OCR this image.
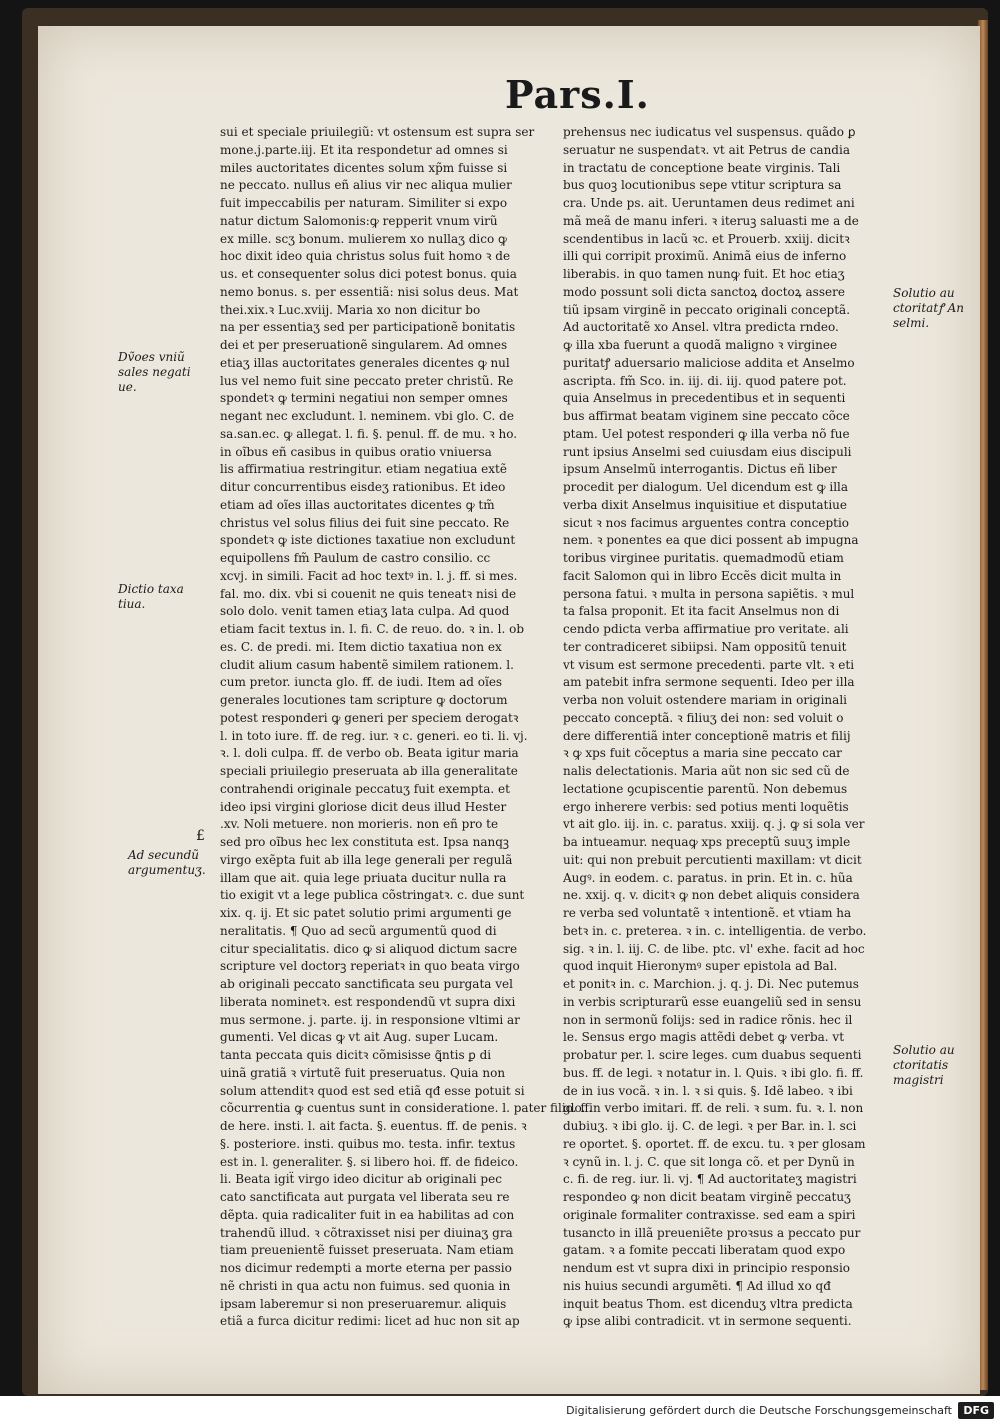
Pars.I.
sui et speciale priuilegiũ: vt ostensum est supra ser
mone.j.parte.iij. Et ita respondetur ad omnes si
miles auctoritates dicentes solum xp̃m fuisse si
ne peccato. nullus eñ alius vir nec aliqua mulier
fuit impeccabilis per naturam. Similiter si expo
natur dictum Salomonis:ꝙ repperit vnum virũ
ex mille. scʒ bonum. mulierem xo nullaʒ dico ꝙ
hoc dixit ideo quia christus solus fuit homo ꝛ de
us. et consequenter solus dici potest bonus. quia
nemo bonus. s. per essentiã: nisi solus deus. Mat
thei.xix.ꝛ Luc.xviij. Maria xo non dicitur bo
na per essentiaʒ sed per participationẽ bonitatis
dei et per preseruationẽ singularem. Ad omnes
etiaʒ illas auctoritates generales dicentes ꝙ nul
lus vel nemo fuit sine peccato preter christũ. Re
spondetꝛ ꝙ termini negatiui non semper omnes
negant nec excludunt. l. neminem. vbi glo. C. de
sa.san.ec. ꝙ allegat. l. fi. §. penul. ff. de mu. ꝛ ho.
in oĩbus eñ casibus in quibus oratio vniuersa
lis affirmatiua restringitur. etiam negatiua extẽ
ditur concurrentibus eisdeʒ rationibus. Et ideo
etiam ad oĩes illas auctoritates dicentes ꝙ tm̃
christus vel solus filius dei fuit sine peccato. Re
spondetꝛ ꝙ iste dictiones taxatiue non excludunt
equipollens fm̃ Paulum de castro consilio. cc
xcvj. in simili. Facit ad hoc textꝰ in. l. j. ff. si mes.
fal. mo. dix. vbi si couenit ne quis teneatꝛ nisi de
solo dolo. venit tamen etiaʒ lata culpa. Ad quod
etiam facit textus in. l. fi. C. de reuo. do. ꝛ in. l. ob
es. C. de predi. mi. Item dictio taxatiua non ex
cludit alium casum habentẽ similem rationem. l.
cum pretor. iuncta glo. ff. de iudi. Item ad oĩes
generales locutiones tam scripture ꝙ doctorum
potest responderi ꝙ generi per speciem derogatꝛ
l. in toto iure. ff. de reg. iur. ꝛ c. generi. eo ti. li. vj.
ꝛ. l. doli culpa. ff. de verbo ob. Beata igitur maria
speciali priuilegio preseruata ab illa generalitate
contrahendi originale peccatuʒ fuit exempta. et
ideo ipsi virgini gloriose dicit deus illud Hester
.xv. Noli metuere. non morieris. non eñ pro te
sed pro oĩbus hec lex constituta est. Ipsa nanqꝫ
virgo exẽpta fuit ab illa lege generali per regulã
illam que ait. quia lege priuata ducitur nulla ra
tio exigit vt a lege publica cõstringatꝛ. c. due sunt
xix. q. ij. Et sic patet solutio primi argumenti ge
neralitatis. ¶ Quo ad secũ argumentũ quod di
citur specialitatis. dico ꝙ si aliquod dictum sacre
scripture vel doctorꝫ reperiatꝛ in quo beata virgo
ab originali peccato sanctificata seu purgata vel
liberata nominetꝛ. est respondendũ vt supra dixi
mus sermone. j. parte. ij. in responsione vltimi ar
gumenti. Vel dicas ꝙ vt ait Aug. super Lucam.
tanta peccata quis dicitꝛ cõmisisse ꝗ̃ntis ꝑ di
uinã gratiã ꝛ virtutẽ fuit preseruatus. Quia non
solum attenditꝛ quod est sed etiã qđ esse potuit si
cõcurrentia ꝙ cuentus sunt in consideratione. l. pater filio. ff.
de here. insti. l. ait facta. §. euentus. ff. de penis. ꝛ
§. posteriore. insti. quibus mo. testa. infir. textus
est in. l. generaliter. §. si libero hoi. ff. de fideico.
li. Beata igiẗ virgo ideo dicitur ab originali pec
cato sanctificata aut purgata vel liberata seu re
dẽpta. quia radicaliter fuit in ea habilitas ad con
trahendũ illud. ꝛ cõtraxisset nisi per diuinaʒ gra
tiam preuenientẽ fuisset preseruata. Nam etiam
nos dicimur redempti a morte eterna per passio
nẽ christi in qua actu non fuimus. sed quonia in
ipsam laberemur si non preseruaremur. aliquis
etiã a furca dicitur redimi: licet ad huc non sit ap
prehensus nec iudicatus vel suspensus. quãdo ꝑ
seruatur ne suspendatꝛ. vt ait Petrus de candia
in tractatu de conceptione beate virginis. Tali
bus quoꝫ locutionibus sepe vtitur scriptura sa
cra. Unde ps. ait. Ueruntamen deus redimet ani
mã meã de manu inferi. ꝛ iteruꝫ saluasti me a de
scendentibus in lacũ ꝛc. et Prouerb. xxiij. dicitꝛ
illi qui corripit proximũ. Animã eius de inferno
liberabis. in quo tamen nunꝙ fuit. Et hoc etiaʒ
modo possunt soli dicta sanctoꝝ doctoꝝ assere
tiũ ipsam virginẽ in peccato originali conceptã.
Ad auctoritatẽ xo Ansel. vltra predicta rndeo.
ꝙ illa xba fuerunt a quodã maligno ꝛ virginee
puritatꝭ aduersario maliciose addita et Anselmo
ascripta. fm̃ Sco. in. iij. di. iij. quod patere pot.
quia Anselmus in precedentibus et in sequenti
bus affirmat beatam viginem sine peccato cõce
ptam. Uel potest responderi ꝙ illa verba nõ fue
runt ipsius Anselmi sed cuiusdam eius discipuli
ipsum Anselmũ interrogantis. Dictus eñ liber
procedit per dialogum. Uel dicendum est ꝙ illa
verba dixit Anselmus inquisitiue et disputatiue
sicut ꝛ nos facimus arguentes contra conceptio
nem. ꝛ ponentes ea que dici possent ab impugna
toribus virginee puritatis. quemadmodũ etiam
facit Salomon qui in libro Eccẽs dicit multa in
persona fatui. ꝛ multa in persona sapiẽtis. ꝛ mul
ta falsa proponit. Et ita facit Anselmus non di
cendo pdicta verba affirmatiue pro veritate. ali
ter contradiceret sibiipsi. Nam oppositũ tenuit
vt visum est sermone precedenti. parte vlt. ꝛ eti
am patebit infra sermone sequenti. Ideo per illa
verba non voluit ostendere mariam in originali
peccato conceptã. ꝛ filiuʒ dei non: sed voluit o
dere differentiã inter conceptionẽ matris et filij
ꝛ ꝙ xps fuit cõceptus a maria sine peccato car
nalis delectationis. Maria aũt non sic sed cũ de
lectatione ꝯcupiscentie parentũ. Non debemus
ergo inherere verbis: sed potius menti loquẽtis
vt ait glo. iij. in. c. paratus. xxiij. q. j. ꝙ si sola ver
ba intueamur. nequaꝙ xps preceptũ suuʒ imple
uit: qui non prebuit percutienti maxillam: vt dicit
Augꝰ. in eodem. c. paratus. in prin. Et in. c. hũa
ne. xxij. q. v. dicitꝛ ꝙ non debet aliquis considera
re verba sed voluntatẽ ꝛ intentionẽ. et vtiam ha
betꝛ in. c. preterea. ꝛ in. c. intelligentia. de verbo.
sig. ꝛ in. l. iij. C. de libe. ptc. vl' exhe. facit ad hoc
quod inquit Hieronymꝰ super epistola ad Bal.
et ponitꝛ in. c. Marchion. j. q. j. Di. Nec putemus
in verbis scripturarũ esse euangeliũ sed in sensu
non in sermonũ folijs: sed in radice rõnis. hec il
le. Sensus ergo magis attẽdi debet ꝙ verba. vt
probatur per. l. scire leges. cum duabus sequenti
bus. ff. de legi. ꝛ notatur in. l. Quis. ꝛ ibi glo. fi. ff.
de in ius vocã. ꝛ in. l. ꝛ si quis. §. Idẽ labeo. ꝛ ibi
glo. in verbo imitari. ff. de reli. ꝛ sum. fu. ꝛ. l. non
dubiuʒ. ꝛ ibi glo. ij. C. de legi. ꝛ per Bar. in. l. sci
re oportet. §. oportet. ff. de excu. tu. ꝛ per glosam
ꝛ cynũ in. l. j. C. que sit longa cõ. et per Dynũ in
c. fi. de reg. iur. li. vj. ¶ Ad auctoritateʒ magistri
respondeo ꝙ non dicit beatam virginẽ peccatuʒ
originale formaliter contraxisse. sed eam a spiri
tusancto in illã preueniẽte proꝛsus a peccato pur
gatam. ꝛ a fomite peccati liberatam quod expo
nendum est vt supra dixi in principio responsio
nis huius secundi argumẽti. ¶ Ad illud xo qđ
inquit beatus Thom. est dicenduʒ vltra predicta
ꝙ ipse alibi contradicit. vt in sermone sequenti.
Dṽoes vniũ
sales negati
ue.
Dictio taxa
tiua.
£
Ad secundũ
argumentuʒ.
Solutio au
ctoritatꝭ An
selmi.
Solutio au
ctoritatis
magistri
Digitalisierung gefördert durch die Deutsche Forschungsgemeinschaft	DFG
